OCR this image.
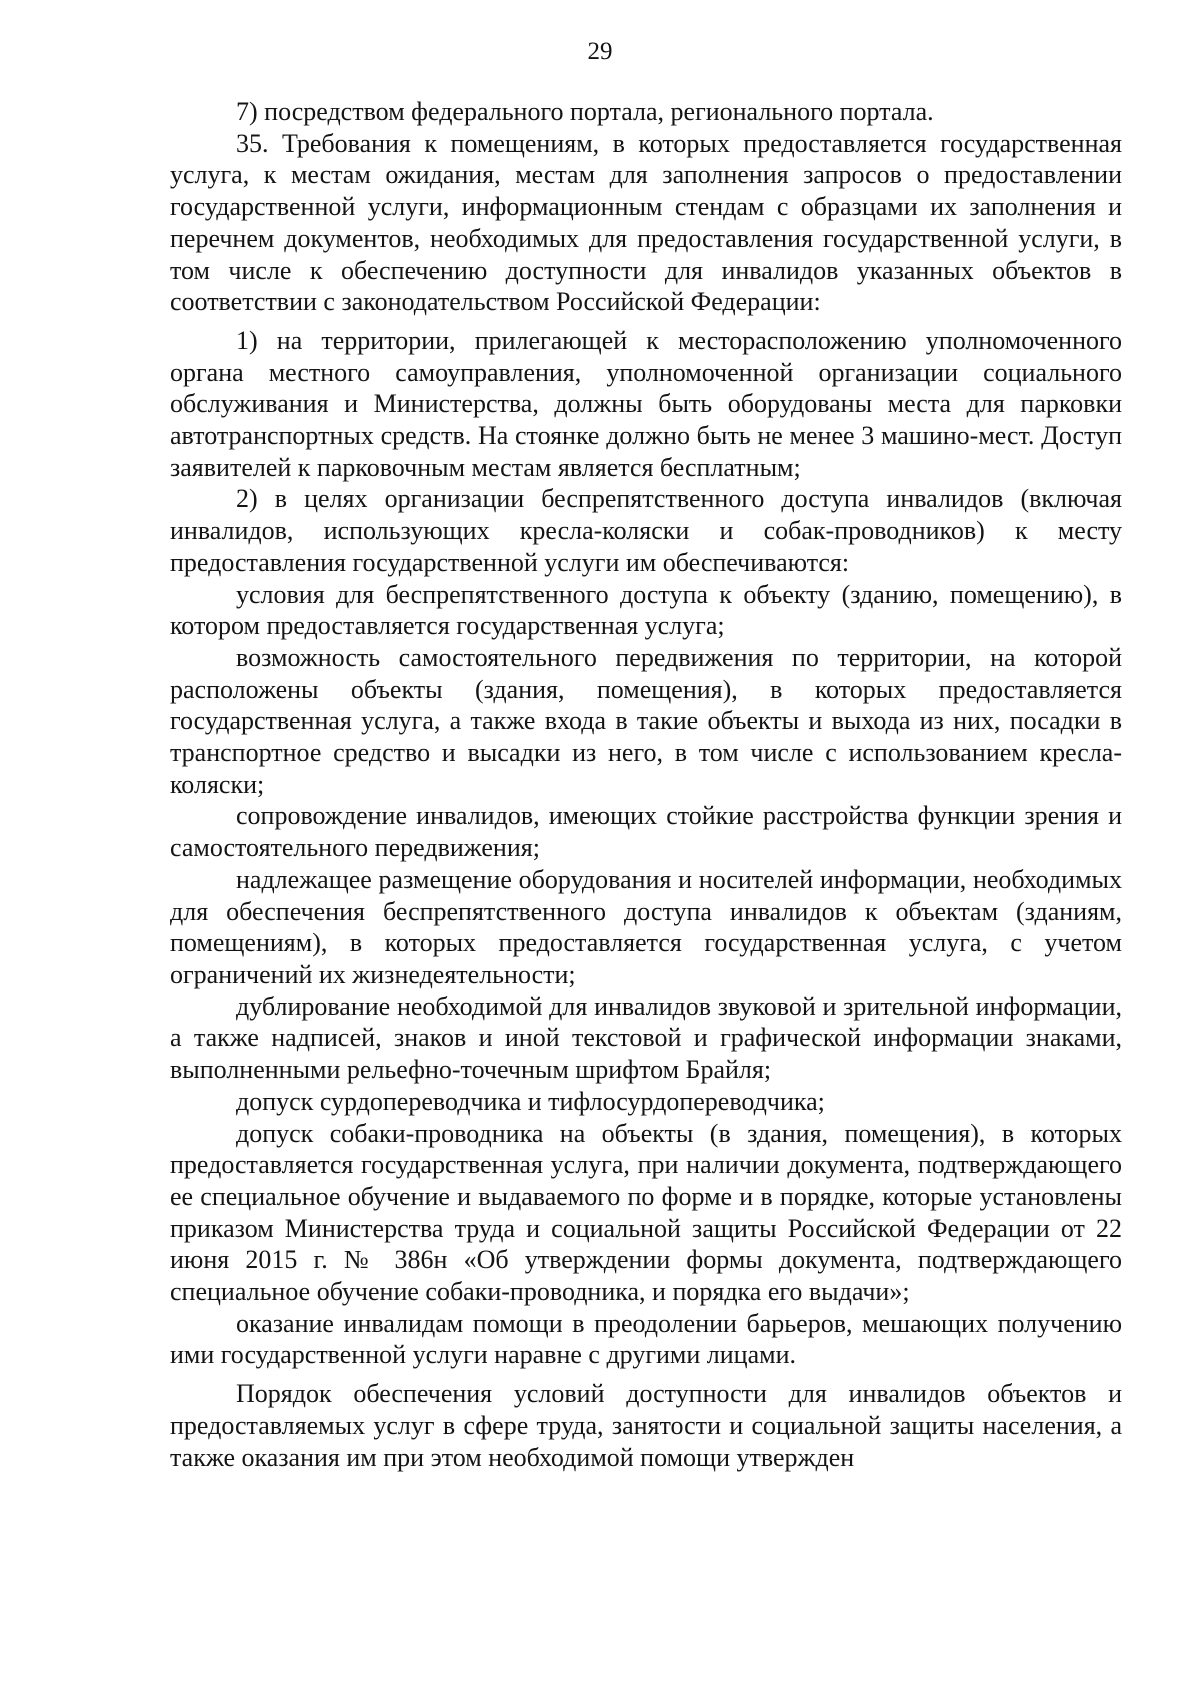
29

7) посредством федерального портала, регионального портала.

35. Требования к помещениям, в которых предоставляется государственная услуга, к местам ожидания, местам для заполнения запросов о предоставлении государственной услуги, информационным стендам с образцами их заполнения и перечнем документов, необходимых для предоставления государственной услуги, в том числе к обеспечению доступности для инвалидов указанных объектов в соответствии с законодательством Российской Федерации:

1) на территории, прилегающей к месторасположению уполномоченного органа местного самоуправления, уполномоченной организации социального обслуживания и Министерства, должны быть оборудованы места для парковки автотранспортных средств. На стоянке должно быть не менее 3 машино-мест. Доступ заявителей к парковочным местам является бесплатным;

2) в целях организации беспрепятственного доступа инвалидов (включая инвалидов, использующих кресла-коляски и собак-проводников) к месту предоставления государственной услуги им обеспечиваются:

условия для беспрепятственного доступа к объекту (зданию, помещению), в котором предоставляется государственная услуга;

возможность самостоятельного передвижения по территории, на которой расположены объекты (здания, помещения), в которых предоставляется государственная услуга, а также входа в такие объекты и выхода из них, посадки в транспортное средство и высадки из него, в том числе с использованием кресла-коляски;

сопровождение инвалидов, имеющих стойкие расстройства функции зрения и самостоятельного передвижения;

надлежащее размещение оборудования и носителей информации, необходимых для обеспечения беспрепятственного доступа инвалидов к объектам (зданиям, помещениям), в которых предоставляется государственная услуга, с учетом ограничений их жизнедеятельности;

дублирование необходимой для инвалидов звуковой и зрительной информации, а также надписей, знаков и иной текстовой и графической информации знаками, выполненными рельефно-точечным шрифтом Брайля;

допуск сурдопереводчика и тифлосурдопереводчика;

допуск собаки-проводника на объекты (в здания, помещения), в которых предоставляется государственная услуга, при наличии документа, подтверждающего ее специальное обучение и выдаваемого по форме и в порядке, которые установлены приказом Министерства труда и социальной защиты Российской Федерации от 22 июня 2015 г. № 386н «Об утверждении формы документа, подтверждающего специальное обучение собаки-проводника, и порядка его выдачи»;

оказание инвалидам помощи в преодолении барьеров, мешающих получению ими государственной услуги наравне с другими лицами.

Порядок обеспечения условий доступности для инвалидов объектов и предоставляемых услуг в сфере труда, занятости и социальной защиты населения, а также оказания им при этом необходимой помощи утвержден
